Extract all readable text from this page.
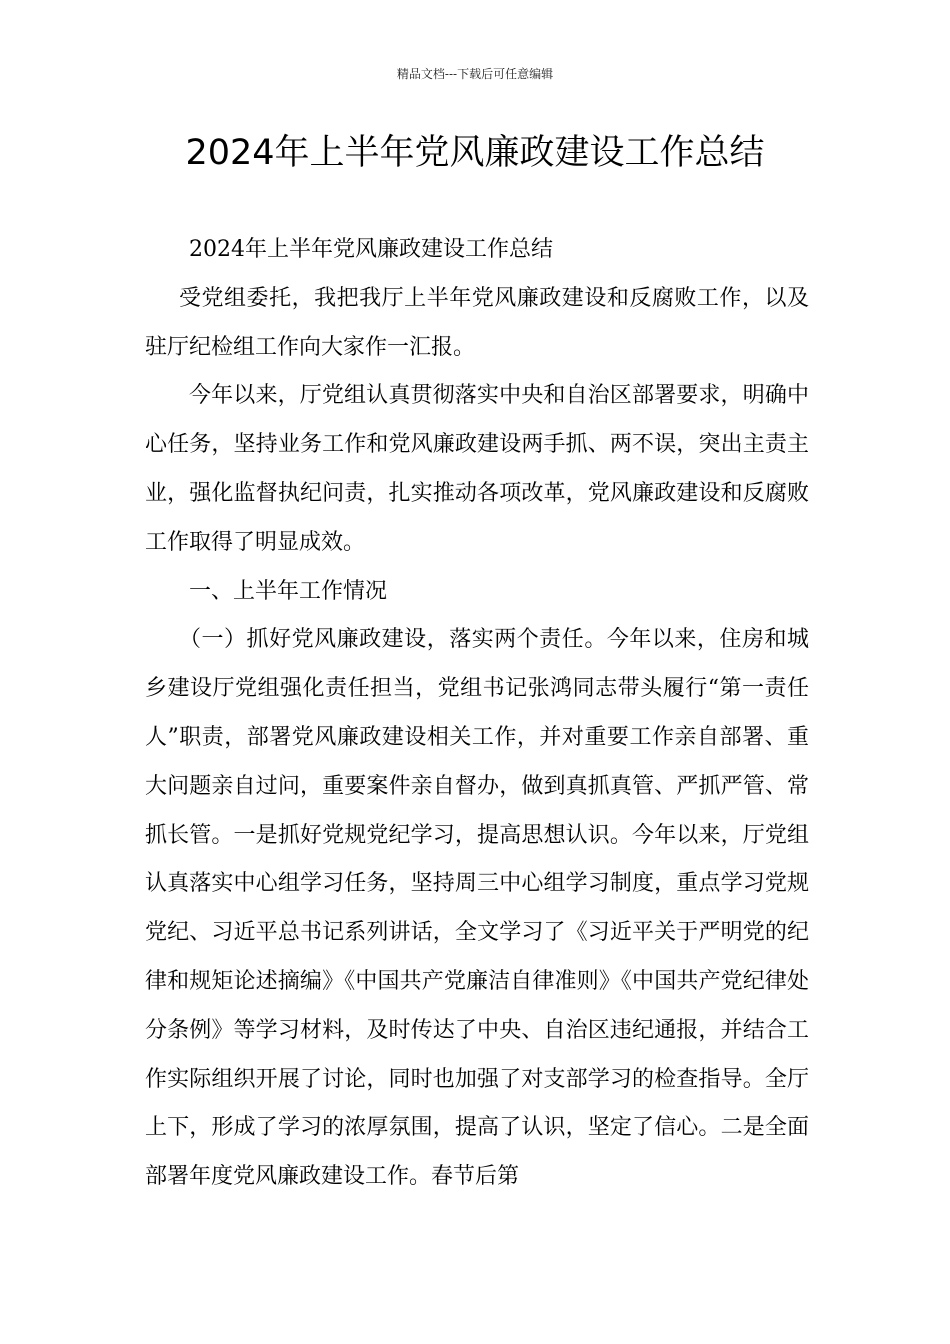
精品文档---下载后可任意编辑
2024年上半年党风廉政建设工作总结

2024年上半年党风廉政建设工作总结

受党组委托，我把我厅上半年党风廉政建设和反腐败工作，以及驻厅纪检组工作向大家作一汇报。

今年以来，厅党组认真贯彻落实中央和自治区部署要求，明确中心任务，坚持业务工作和党风廉政建设两手抓、两不误，突出主责主业，强化监督执纪问责，扎实推动各项改革，党风廉政建设和反腐败工作取得了明显成效。

一、上半年工作情况

（一）抓好党风廉政建设，落实两个责任。今年以来，住房和城乡建设厅党组强化责任担当，党组书记张鸿同志带头履行“第一责任人”职责，部署党风廉政建设相关工作，并对重要工作亲自部署、重大问题亲自过问，重要案件亲自督办，做到真抓真管、严抓严管、常抓长管。一是抓好党规党纪学习，提高思想认识。今年以来，厅党组认真落实中心组学习任务，坚持周三中心组学习制度，重点学习党规党纪、习近平总书记系列讲话，全文学习了《习近平关于严明党的纪律和规矩论述摘编》《中国共产党廉洁自律准则》《中国共产党纪律处分条例》等学习材料，及时传达了中央、自治区违纪通报，并结合工作实际组织开展了讨论，同时也加强了对支部学习的检查指导。全厅上下，形成了学习的浓厚氛围，提高了认识，坚定了信心。二是全面部署年度党风廉政建设工作。春节后第
